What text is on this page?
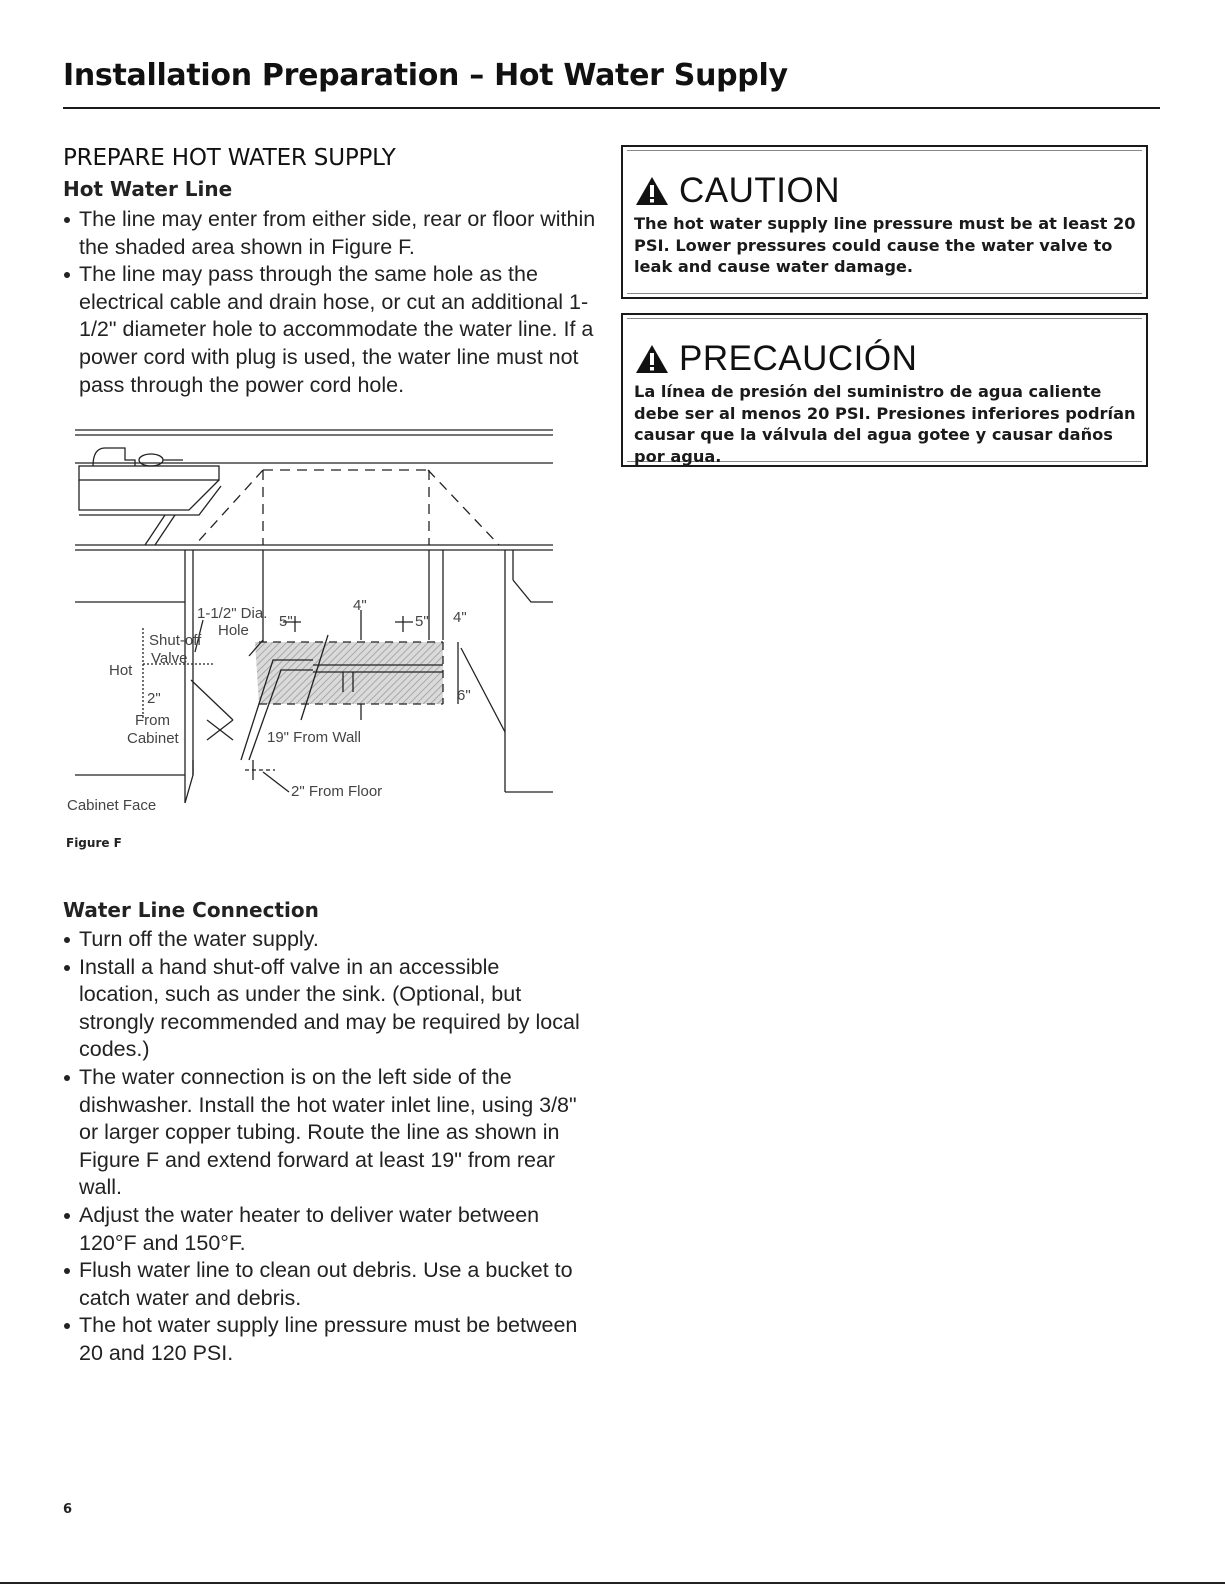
Installation Preparation – Hot Water Supply
PREPARE HOT WATER SUPPLY
Hot Water Line
The line may enter from either side, rear or floor within the shaded area shown in Figure F.
The line may pass through the same hole as the electrical cable and drain hose, or cut an additional 1-1/2" diameter hole to accommodate the water line. If a power cord with plug is used, the water line must not pass through the power cord hole.
1-1/2" Dia.
Hole
Shut-off
Valve
Hot
2"
From
Cabinet
Cabinet Face
5"
4"
5" 4"
6"
19" From Wall
2" From Floor

Figure F

Water Line Connection
Turn off the water supply.
Install a hand shut-off valve in an accessible location, such as under the sink. (Optional, but strongly recommended and may be required by local codes.)
The water connection is on the left side of the dishwasher. Install the hot water inlet line, using 3/8" or larger copper tubing. Route the line as shown in Figure F and extend forward at least 19" from rear wall.
Adjust the water heater to deliver water between 120°F and 150°F.
Flush water line to clean out debris. Use a bucket to catch water and debris.
The hot water supply line pressure must be between 20 and 120 PSI.
CAUTION

The hot water supply line pressure must be at least 20 PSI. Lower pressures could cause the water valve to leak and cause water damage.

PRECAUCIÓN

La línea de presión del suministro de agua caliente debe ser al menos 20 PSI. Presiones inferiores podrían causar que la válvula del agua gotee y causar daños por agua.

6
